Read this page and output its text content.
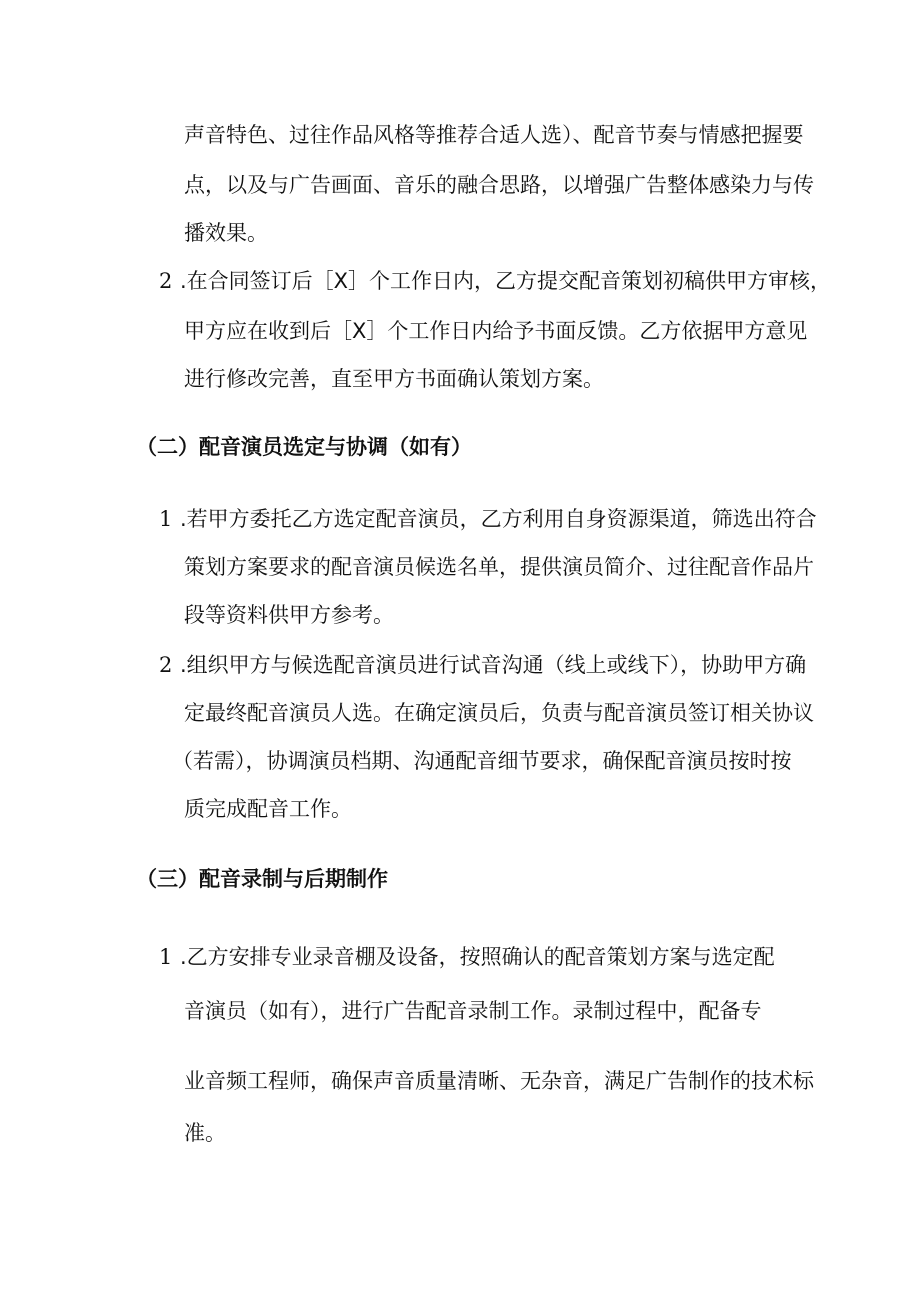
声音特色、过往作品风格等推荐合适人选）、配音节奏与情感把握要
点，以及与广告画面、音乐的融合思路，以增强广告整体感染力与传
播效果。
2 .在合同签订后［X］个工作日内，乙方提交配音策划初稿供甲方审核，
甲方应在收到后［X］个工作日内给予书面反馈。乙方依据甲方意见
进行修改完善，直至甲方书面确认策划方案。
（二）配音演员选定与协调（如有）
1 .若甲方委托乙方选定配音演员，乙方利用自身资源渠道，筛选出符合
策划方案要求的配音演员候选名单，提供演员简介、过往配音作品片
段等资料供甲方参考。
2 .组织甲方与候选配音演员进行试音沟通（线上或线下），协助甲方确
定最终配音演员人选。在确定演员后，负责与配音演员签订相关协议
（若需），协调演员档期、沟通配音细节要求，确保配音演员按时按
质完成配音工作。
（三）配音录制与后期制作
1 .乙方安排专业录音棚及设备，按照确认的配音策划方案与选定配
音演员（如有），进行广告配音录制工作。录制过程中，配备专
业音频工程师，确保声音质量清晰、无杂音，满足广告制作的技术标
准。
